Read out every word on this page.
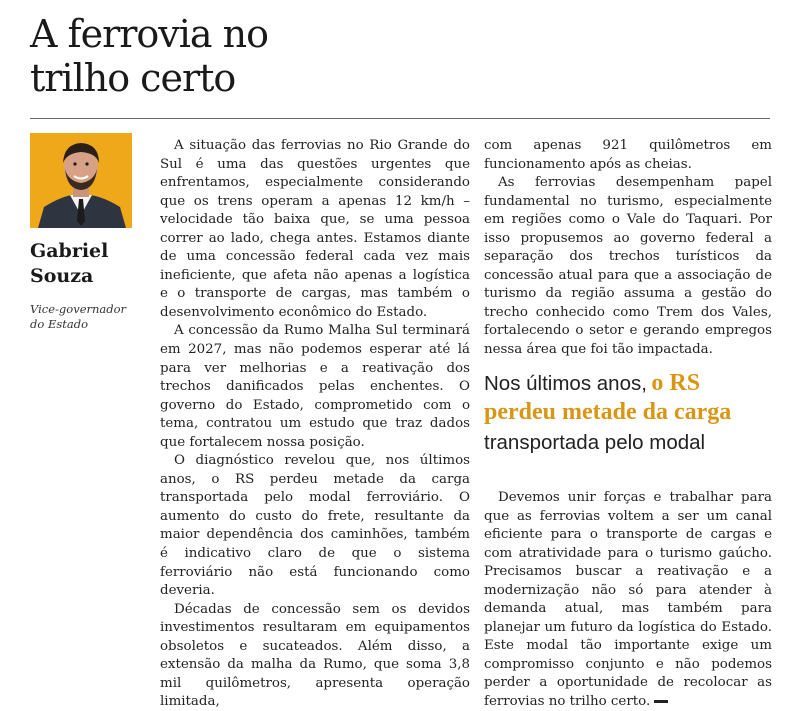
A ferrovia no
trilho certo
Gabriel
Souza
Vice-governador
do Estado

A situação das ferrovias no Rio Grande do Sul é uma das questões urgentes que enfrentamos, especialmente considerando que os trens operam a apenas 12 km/h – velocidade tão baixa que, se uma pessoa correr ao lado, chega antes. Estamos diante de uma concessão federal cada vez mais ineficiente, que afeta não apenas a logística e o transporte de cargas, mas também o desenvolvimento econômico do Estado.

A concessão da Rumo Malha Sul terminará em 2027, mas não podemos esperar até lá para ver melhorias e a reativação dos trechos danificados pelas enchentes. O governo do Estado, comprometido com o tema, contratou um estudo que traz dados que fortalecem nossa posição.

O diagnóstico revelou que, nos últimos anos, o RS perdeu metade da carga transportada pelo modal ferroviário. O aumento do custo do frete, resultante da maior dependência dos caminhões, também é indicativo claro de que o sistema ferroviário não está funcionando como deveria.

Décadas de concessão sem os devidos investimentos resultaram em equipamentos obsoletos e sucateados. Além disso, a extensão da malha da Rumo, que soma 3,8 mil quilômetros, apresenta operação limitada,

com apenas 921 quilômetros em funcionamento após as cheias.

As ferrovias desempenham papel fundamental no turismo, especialmente em regiões como o Vale do Taquari. Por isso propusemos ao governo federal a separação dos trechos turísticos da concessão atual para que a associação de turismo da região assuma a gestão do trecho conhecido como Trem dos Vales, fortalecendo o setor e gerando empregos nessa área que foi tão impactada.

Nos últimos anos, o RS
perdeu metade da carga
transportada pelo modal

Devemos unir forças e trabalhar para que as ferrovias voltem a ser um canal eficiente para o transporte de cargas e com atratividade para o turismo gaúcho. Precisamos buscar a reativação e a modernização não só para atender à demanda atual, mas também para planejar um futuro da logística do Estado. Este modal tão importante exige um compromisso conjunto e não podemos perder a oportunidade de recolocar as ferrovias no trilho certo.
